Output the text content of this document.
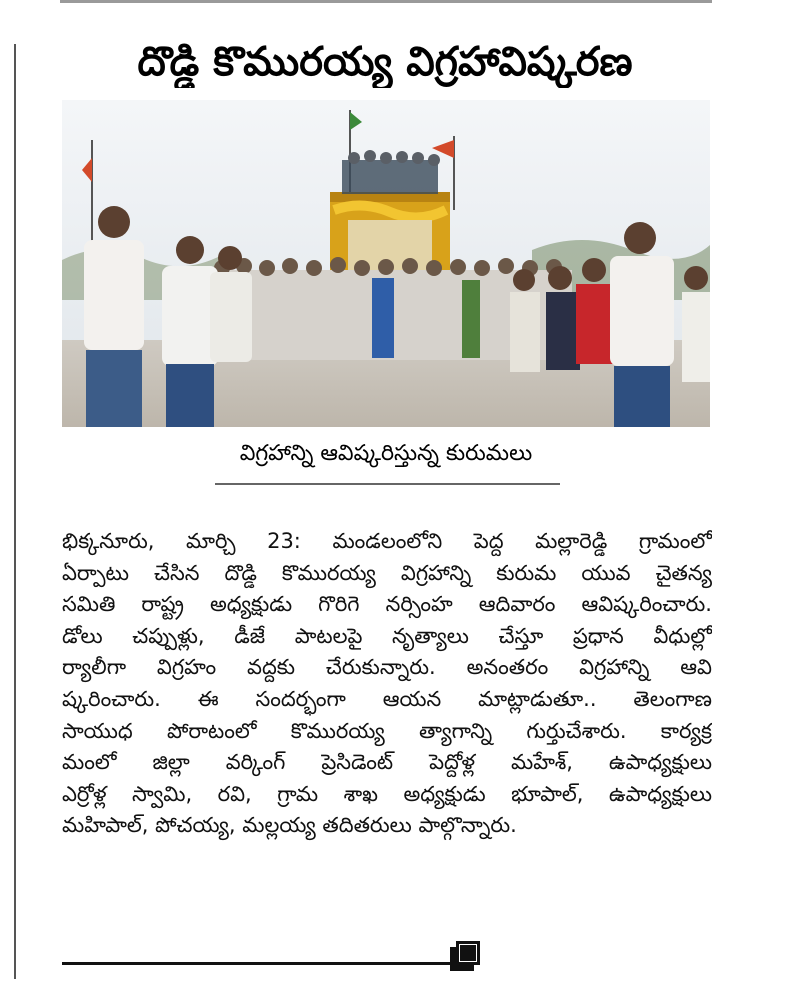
దొడ్డి కొమురయ్య విగ్రహావిష్కరణ
విగ్రహాన్ని ఆవిష్కరిస్తున్న కురుమలు
భిక్కనూరు, మార్చి 23: మండలంలోని పెద్ద మల్లారెడ్డి గ్రామంలో
ఏర్పాటు చేసిన దొడ్డి కొమురయ్య విగ్రహాన్ని కురుమ యువ చైతన్య
సమితి రాష్ట్ర అధ్యక్షుడు గొరిగె నర్సింహ ఆదివారం ఆవిష్కరించారు.
డోలు చప్పుళ్లు, డీజే పాటలపై నృత్యాలు చేస్తూ ప్రధాన వీధుల్లో
ర్యాలీగా విగ్రహం వద్దకు చేరుకున్నారు. అనంతరం విగ్రహాన్ని ఆవి
ష్కరించారు. ఈ సందర్భంగా ఆయన మాట్లాడుతూ.. తెలంగాణ
సాయుధ పోరాటంలో కొమురయ్య త్యాగాన్ని గుర్తుచేశారు. కార్యక్ర
మంలో జిల్లా వర్కింగ్ ప్రెసిడెంట్ పెద్దోళ్ల మహేశ్, ఉపాధ్యక్షులు
ఎర్రోళ్ల స్వామి, రవి, గ్రామ శాఖ అధ్యక్షుడు భూపాల్, ఉపాధ్యక్షులు
మహిపాల్, పోచయ్య, మల్లయ్య తదితరులు పాల్గొన్నారు.
